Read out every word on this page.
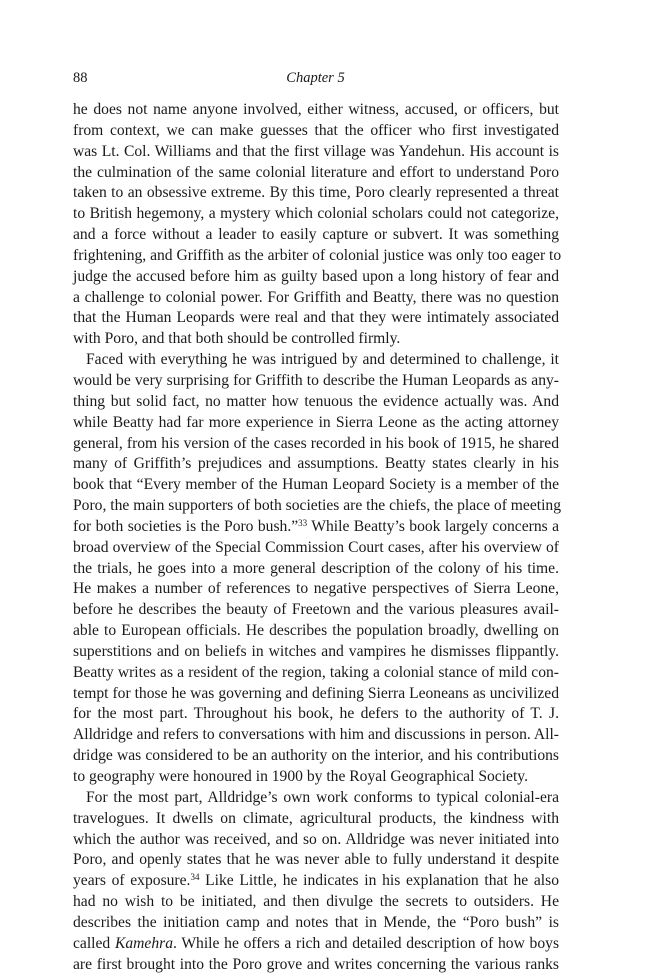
88	Chapter 5
he does not name anyone involved, either witness, accused, or officers, but
from context, we can make guesses that the officer who first investigated
was Lt. Col. Williams and that the first village was Yandehun. His account is
the culmination of the same colonial literature and effort to understand Poro
taken to an obsessive extreme. By this time, Poro clearly represented a threat
to British hegemony, a mystery which colonial scholars could not categorize,
and a force without a leader to easily capture or subvert. It was something
frightening, and Griffith as the arbiter of colonial justice was only too eager to
judge the accused before him as guilty based upon a long history of fear and
a challenge to colonial power. For Griffith and Beatty, there was no question
that the Human Leopards were real and that they were intimately associated
with Poro, and that both should be controlled firmly.
Faced with everything he was intrigued by and determined to challenge, it
would be very surprising for Griffith to describe the Human Leopards as any-
thing but solid fact, no matter how tenuous the evidence actually was. And
while Beatty had far more experience in Sierra Leone as the acting attorney
general, from his version of the cases recorded in his book of 1915, he shared
many of Griffith’s prejudices and assumptions. Beatty states clearly in his
book that “Every member of the Human Leopard Society is a member of the
Poro, the main supporters of both societies are the chiefs, the place of meeting
for both societies is the Poro bush.”$^{33}$ While Beatty’s book largely concerns a
broad overview of the Special Commission Court cases, after his overview of
the trials, he goes into a more general description of the colony of his time.
He makes a number of references to negative perspectives of Sierra Leone,
before he describes the beauty of Freetown and the various pleasures avail-
able to European officials. He describes the population broadly, dwelling on
superstitions and on beliefs in witches and vampires he dismisses flippantly.
Beatty writes as a resident of the region, taking a colonial stance of mild con-
tempt for those he was governing and defining Sierra Leoneans as uncivilized
for the most part. Throughout his book, he defers to the authority of T. J.
Alldridge and refers to conversations with him and discussions in person. All-
dridge was considered to be an authority on the interior, and his contributions
to geography were honoured in 1900 by the Royal Geographical Society.
For the most part, Alldridge’s own work conforms to typical colonial-era
travelogues. It dwells on climate, agricultural products, the kindness with
which the author was received, and so on. Alldridge was never initiated into
Poro, and openly states that he was never able to fully understand it despite
years of exposure.$^{34}$ Like Little, he indicates in his explanation that he also
had no wish to be initiated, and then divulge the secrets to outsiders. He
describes the initiation camp and notes that in Mende, the “Poro bush” is
called Kamehra. While he offers a rich and detailed description of how boys
are first brought into the Poro grove and writes concerning the various ranks
